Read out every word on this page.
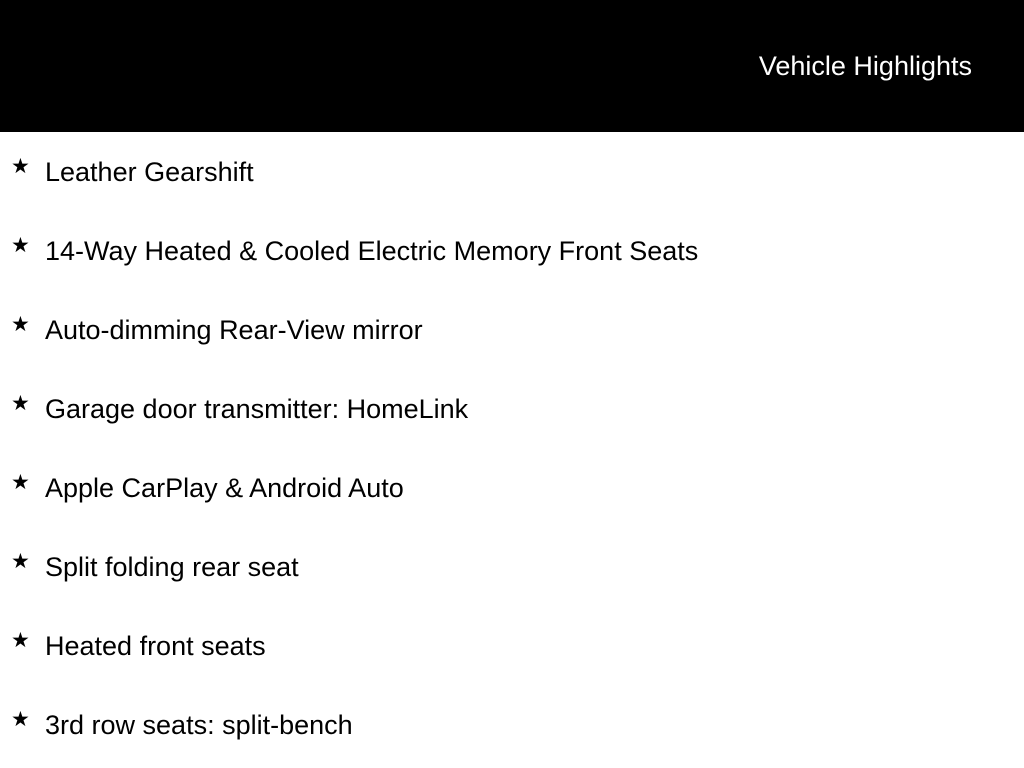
Vehicle Highlights
★ Leather Gearshift
★ 14-Way Heated & Cooled Electric Memory Front Seats
★ Auto-dimming Rear-View mirror
★ Garage door transmitter: HomeLink
★ Apple CarPlay & Android Auto
★ Split folding rear seat
★ Heated front seats
★ 3rd row seats: split-bench
